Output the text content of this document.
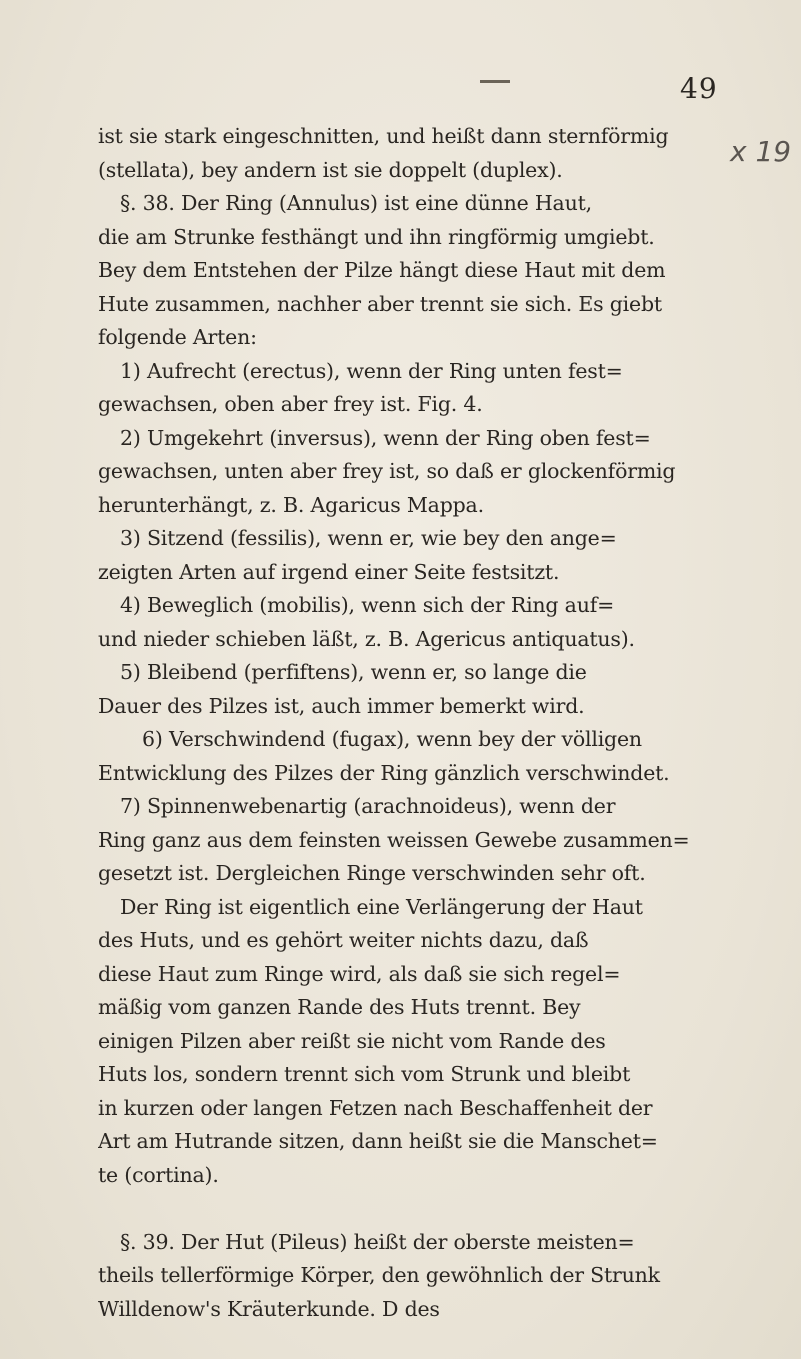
49
x 19
ist sie stark eingeschnitten, und heißt dann sternförmig
(stellata), bey andern ist sie doppelt (duplex).
§. 38. Der Ring (Annulus) ist eine dünne Haut,
die am Strunke festhängt und ihn ringförmig umgiebt.
Bey dem Entstehen der Pilze hängt diese Haut mit dem
Hute zusammen, nachher aber trennt sie sich. Es giebt
folgende Arten:
1) Aufrecht (erectus), wenn der Ring unten fest=
gewachsen, oben aber frey ist. Fig. 4.
2) Umgekehrt (inversus), wenn der Ring oben fest=
gewachsen, unten aber frey ist, so daß er glockenförmig
herunterhängt, z. B. Agaricus Mappa.
3) Sitzend (fessilis), wenn er, wie bey den ange=
zeigten Arten auf irgend einer Seite festsitzt.
4) Beweglich (mobilis), wenn sich der Ring auf=
und nieder schieben läßt, z. B. Agericus antiquatus).
5) Bleibend (perfiftens), wenn er, so lange die
Dauer des Pilzes ist, auch immer bemerkt wird.
6) Verschwindend (fugax), wenn bey der völligen
Entwicklung des Pilzes der Ring gänzlich verschwindet.
7) Spinnenwebenartig (arachnoideus), wenn der
Ring ganz aus dem feinsten weissen Gewebe zusammen=
gesetzt ist. Dergleichen Ringe verschwinden sehr oft.
Der Ring ist eigentlich eine Verlängerung der Haut
des Huts, und es gehört weiter nichts dazu, daß
diese Haut zum Ringe wird, als daß sie sich regel=
mäßig vom ganzen Rande des Huts trennt. Bey
einigen Pilzen aber reißt sie nicht vom Rande des
Huts los, sondern trennt sich vom Strunk und bleibt
in kurzen oder langen Fetzen nach Beschaffenheit der
Art am Hutrande sitzen, dann heißt sie die Manschet=
te (cortina).
§. 39. Der Hut (Pileus) heißt der oberste meisten=
theils tellerförmige Körper, den gewöhnlich der Strunk
Willdenow's Kräuterkunde. D des
